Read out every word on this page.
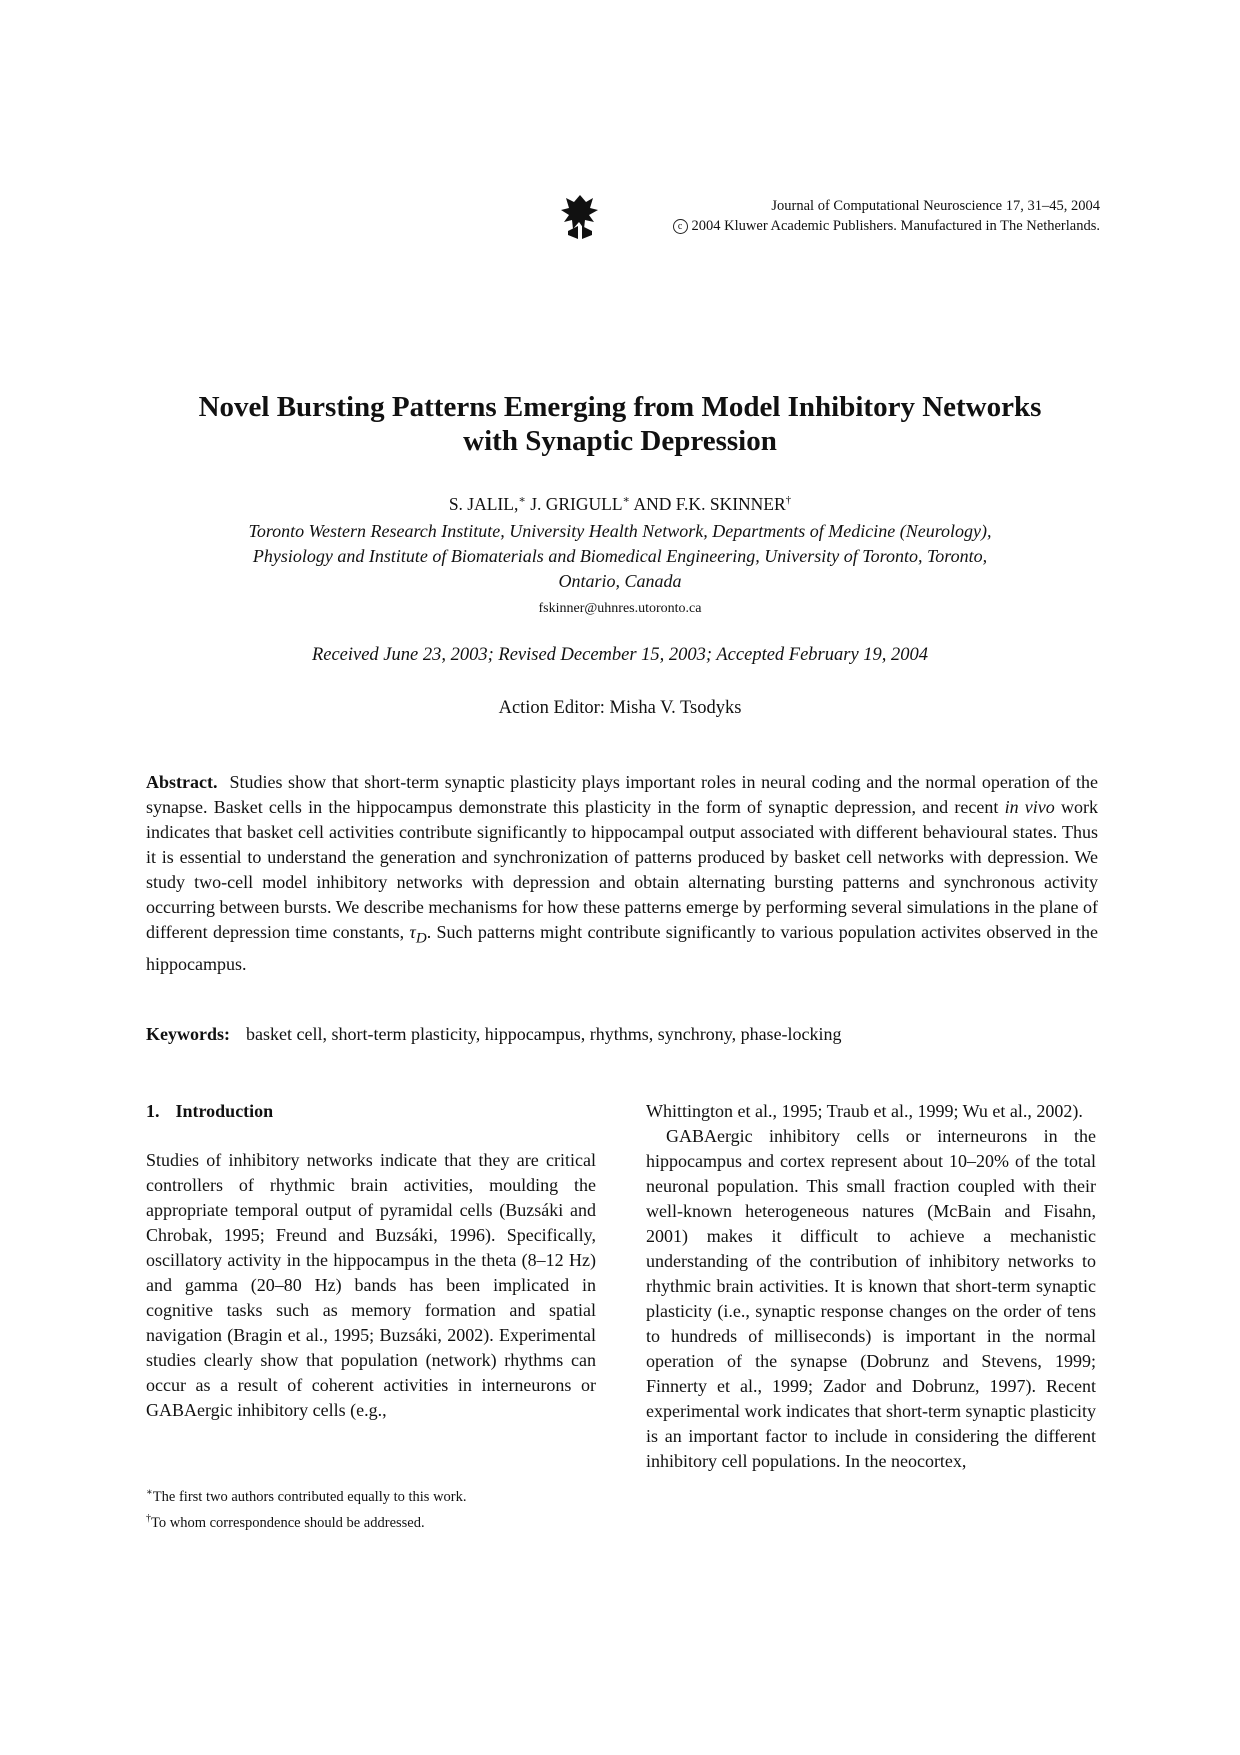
Journal of Computational Neuroscience 17, 31–45, 2004
c 2004 Kluwer Academic Publishers. Manufactured in The Netherlands.
Novel Bursting Patterns Emerging from Model Inhibitory Networks
with Synaptic Depression
S. JALIL,∗ J. GRIGULL∗ AND F.K. SKINNER†
Toronto Western Research Institute, University Health Network, Departments of Medicine (Neurology),
Physiology and Institute of Biomaterials and Biomedical Engineering, University of Toronto, Toronto,
Ontario, Canada
fskinner@uhnres.utoronto.ca
Received June 23, 2003; Revised December 15, 2003; Accepted February 19, 2004
Action Editor: Misha V. Tsodyks
Abstract. Studies show that short-term synaptic plasticity plays important roles in neural coding and the normal operation of the synapse. Basket cells in the hippocampus demonstrate this plasticity in the form of synaptic depression, and recent in vivo work indicates that basket cell activities contribute significantly to hippocampal output associated with different behavioural states. Thus it is essential to understand the generation and synchronization of patterns produced by basket cell networks with depression. We study two-cell model inhibitory networks with depression and obtain alternating bursting patterns and synchronous activity occurring between bursts. We describe mechanisms for how these patterns emerge by performing several simulations in the plane of different depression time constants, $\tau_D$. Such patterns might contribute significantly to various population activites observed in the hippocampus.
Keywords: basket cell, short-term plasticity, hippocampus, rhythms, synchrony, phase-locking
1. Introduction

Studies of inhibitory networks indicate that they are critical controllers of rhythmic brain activities, moulding the appropriate temporal output of pyramidal cells (Buzsáki and Chrobak, 1995; Freund and Buzsáki, 1996). Specifically, oscillatory activity in the hippocampus in the theta (8–12 Hz) and gamma (20–80 Hz) bands has been implicated in cognitive tasks such as memory formation and spatial navigation (Bragin et al., 1995; Buzsáki, 2002). Experimental studies clearly show that population (network) rhythms can occur as a result of coherent activities in interneurons or GABAergic inhibitory cells (e.g.,

Whittington et al., 1995; Traub et al., 1999; Wu et al., 2002).

GABAergic inhibitory cells or interneurons in the hippocampus and cortex represent about 10–20% of the total neuronal population. This small fraction coupled with their well-known heterogeneous natures (McBain and Fisahn, 2001) makes it difficult to achieve a mechanistic understanding of the contribution of inhibitory networks to rhythmic brain activities. It is known that short-term synaptic plasticity (i.e., synaptic response changes on the order of tens to hundreds of milliseconds) is important in the normal operation of the synapse (Dobrunz and Stevens, 1999; Finnerty et al., 1999; Zador and Dobrunz, 1997). Recent experimental work indicates that short-term synaptic plasticity is an important factor to include in considering the different inhibitory cell populations. In the neocortex,

∗The first two authors contributed equally to this work.
†To whom correspondence should be addressed.
